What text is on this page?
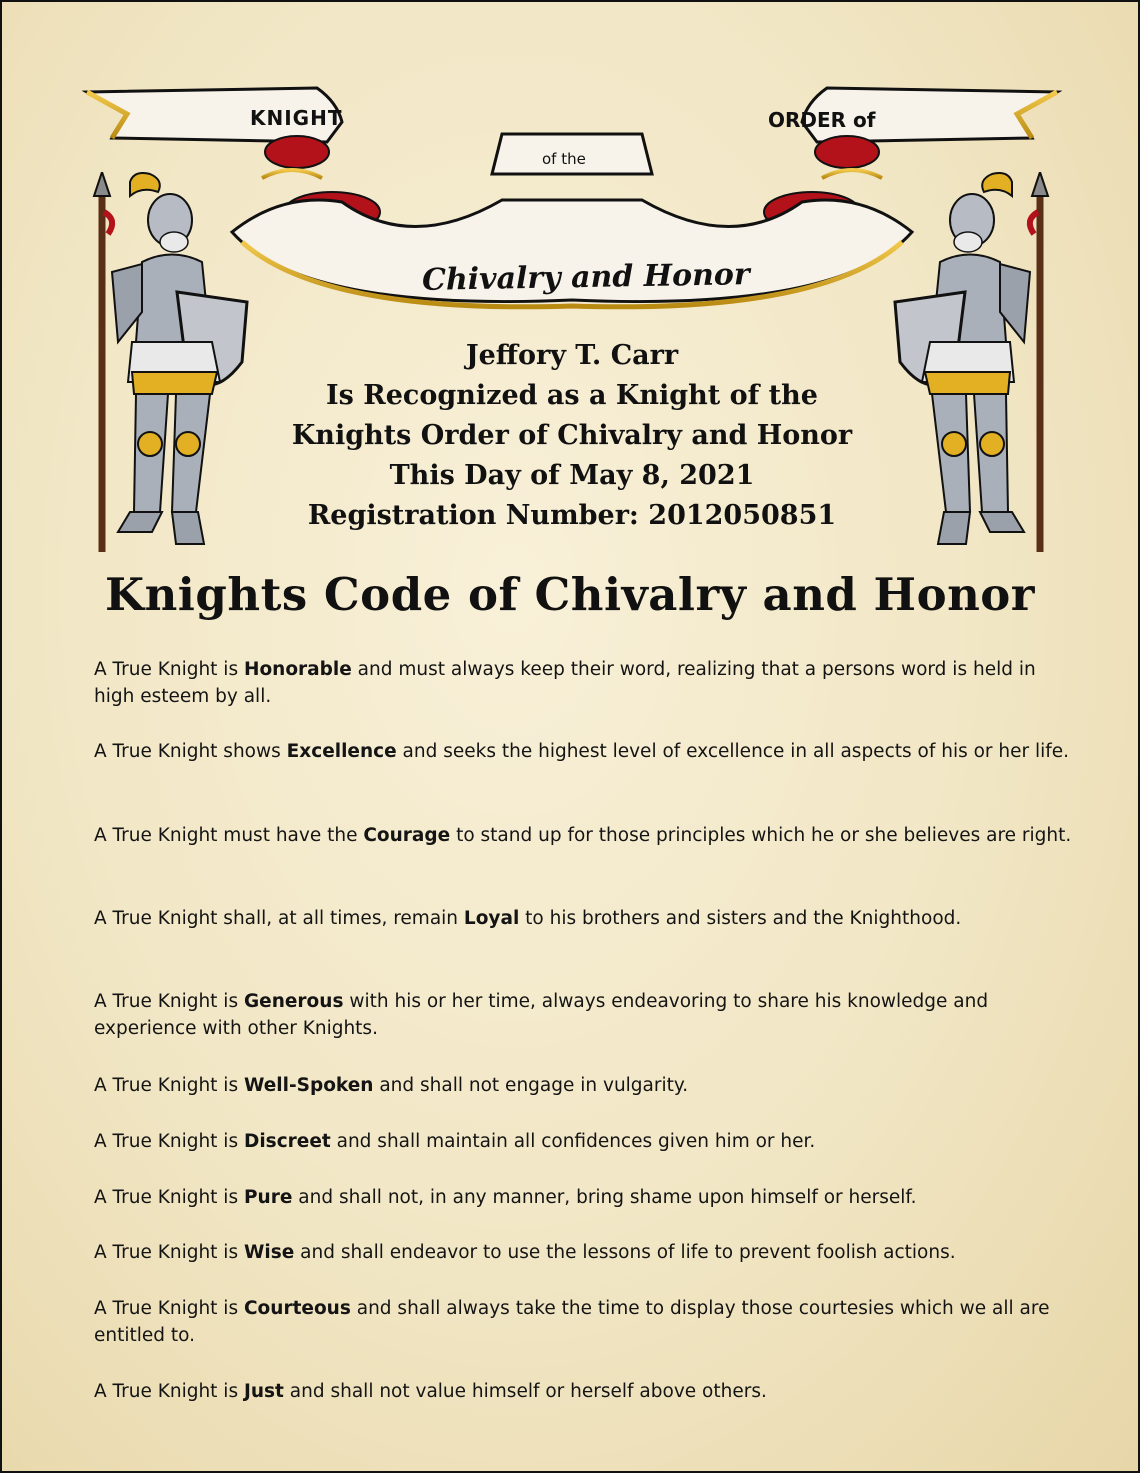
KNIGHT	ORDER of
of the
Chivalry and Honor
Jeffory T. Carr
Is Recognized as a Knight of the
Knights Order of Chivalry and Honor
This Day of May 8, 2021
Registration Number: 2012050851
Knights Code of Chivalry and Honor
A True Knight is Honorable and must always keep their word, realizing that a persons word is held in high esteem by all.
A True Knight shows Excellence and seeks the highest level of excellence in all aspects of his or her life.
A True Knight must have the Courage to stand up for those principles which he or she believes are right.
A True Knight shall, at all times, remain Loyal to his brothers and sisters and the Knighthood.
A True Knight is Generous with his or her time, always endeavoring to share his knowledge and experience with other Knights.
A True Knight is Well-Spoken and shall not engage in vulgarity.
A True Knight is Discreet and shall maintain all confidences given him or her.
A True Knight is Pure and shall not, in any manner, bring shame upon himself or herself.
A True Knight is Wise and shall endeavor to use the lessons of life to prevent foolish actions.
A True Knight is Courteous and shall always take the time to display those courtesies which we all are entitled to.
A True Knight is Just and shall not value himself or herself above others.
